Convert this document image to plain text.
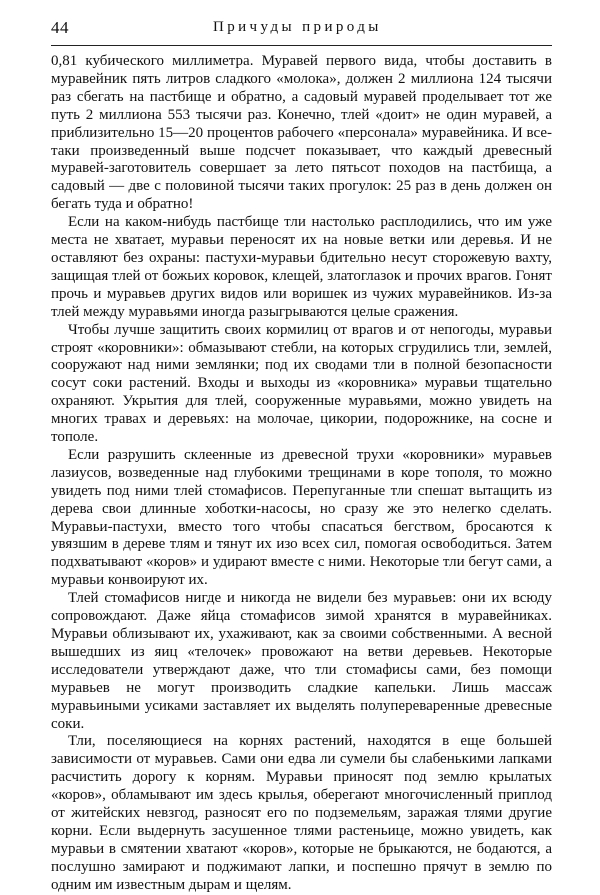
44	Причуды природы

0,81 кубического миллиметра. Муравей первого вида, чтобы доставить в муравейник пять литров сладкого «молока», должен 2 миллиона 124 тысячи раз сбегать на пастбище и обратно, а садовый муравей проделывает тот же путь 2 миллиона 553 тысячи раз. Конечно, тлей «доит» не один муравей, а приблизительно 15—20 процентов рабочего «персонала» муравейника. И все-таки произведенный выше подсчет показывает, что каждый древесный муравей-заготовитель совершает за лето пятьсот походов на пастбища, а садовый — две с половиной тысячи таких прогулок: 25 раз в день должен он бегать туда и обратно!

Если на каком-нибудь пастбище тли настолько расплодились, что им уже места не хватает, муравьи переносят их на новые ветки или деревья. И не оставляют без охраны: пастухи-муравьи бдительно несут сторожевую вахту, защищая тлей от божьих коровок, клещей, златоглазок и прочих врагов. Гонят прочь и муравьев других видов или воришек из чужих муравейников. Из-за тлей между муравьями иногда разыгрываются целые сражения.

Чтобы лучше защитить своих кормилиц от врагов и от непогоды, муравьи строят «коровники»: обмазывают стебли, на которых сгрудились тли, землей, сооружают над ними землянки; под их сводами тли в полной безопасности сосут соки растений. Входы и выходы из «коровника» муравьи тщательно охраняют. Укрытия для тлей, сооруженные муравьями, можно увидеть на многих травах и деревьях: на молочае, цикории, подорожнике, на сосне и тополе.

Если разрушить склеенные из древесной трухи «коровники» муравьев лазиусов, возведенные над глубокими трещинами в коре тополя, то можно увидеть под ними тлей стомафисов. Перепуганные тли спешат вытащить из дерева свои длинные хоботки-насосы, но сразу же это нелегко сделать. Муравьи-пастухи, вместо того чтобы спасаться бегством, бросаются к увязшим в дереве тлям и тянут их изо всех сил, помогая освободиться. Затем подхватывают «коров» и удирают вместе с ними. Некоторые тли бегут сами, а муравьи конвоируют их.

Тлей стомафисов нигде и никогда не видели без муравьев: они их всюду сопровождают. Даже яйца стомафисов зимой хранятся в муравейниках. Муравьи облизывают их, ухаживают, как за своими собственными. А весной вышедших из яиц «телочек» провожают на ветви деревьев. Некоторые исследователи утверждают даже, что тли стомафисы сами, без помощи муравьев не могут производить сладкие капельки. Лишь массаж муравьиными усиками заставляет их выделять полупереваренные древесные соки.

Тли, поселяющиеся на корнях растений, находятся в еще большей зависимости от муравьев. Сами они едва ли сумели бы слабенькими лапками расчистить дорогу к корням. Муравьи приносят под землю крылатых «коров», обламывают им здесь крылья, оберегают многочисленный приплод от житейских невзгод, разносят его по подземельям, заражая тлями другие корни. Если выдернуть засушенное тлями растеньице, можно увидеть, как муравьи в смятении хватают «коров», которые не брыкаются, не бодаются, а послушно замирают и поджимают лапки, и поспешно прячут в землю по одним им известным дырам и щелям.
